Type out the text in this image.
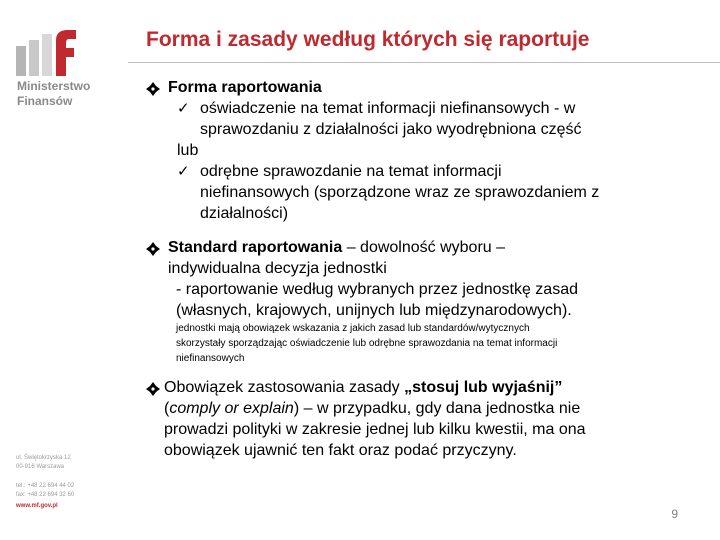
Ministerstwo
Finansów
ul. Świętokrzyska 12
00-916 Warszawa
tel.: +48 22 694 44 02
fax: +48 22 694 32 60
www.mf.gov.pl
Forma i zasady według których się raportuje
Forma raportowania
✓ oświadczenie na temat informacji niefinansowych - w
sprawozdaniu z działalności jako wyodrębniona część
lub
✓ odrębne sprawozdanie na temat informacji
niefinansowych (sporządzone wraz ze sprawozdaniem z
działalności)
Standard raportowania – dowolność wyboru –
indywidualna decyzja jednostki
- raportowanie według wybranych przez jednostkę zasad
(własnych, krajowych, unijnych lub międzynarodowych).
jednostki mają obowiązek wskazania z jakich zasad lub standardów/wytycznych
skorzystały sporządzając oświadczenie lub odrębne sprawozdania na temat informacji
niefinansowych
Obowiązek zastosowania zasady „stosuj lub wyjaśnij”
(comply or explain) – w przypadku, gdy dana jednostka nie
prowadzi polityki w zakresie jednej lub kilku kwestii, ma ona
obowiązek ujawnić ten fakt oraz podać przyczyny.
9
